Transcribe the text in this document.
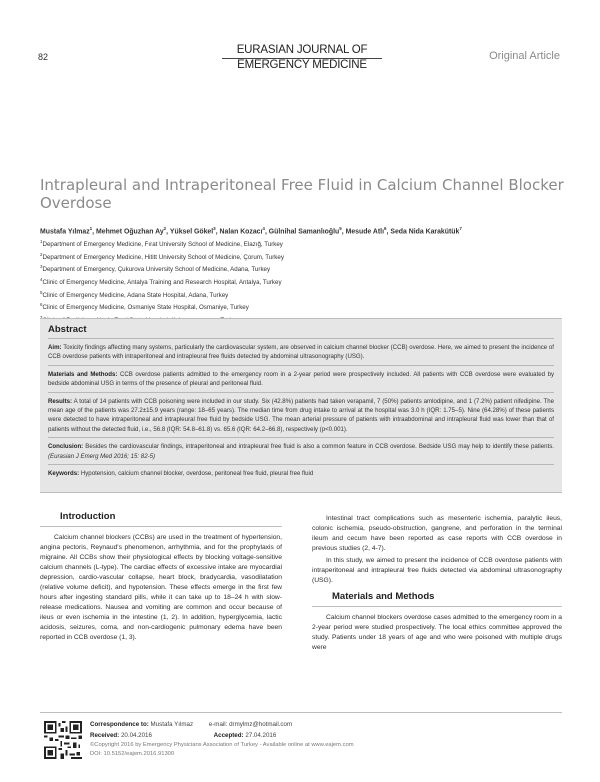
82
EURASIAN JOURNAL OF
EMERGENCY MEDICINE
Original Article
Intrapleural and Intraperitoneal Free Fluid in Calcium Channel Blocker Overdose
Mustafa Yılmaz$^1$, Mehmet Oğuzhan Ay$^2$, Yüksel Gökel$^3$, Nalan Kozacı$^4$, Gülnihal Samanlıoğlu$^5$, Mesude Atlı$^6$, Seda Nida Karakütük$^7$
$^1$Department of Emergency Medicine, Fırat University School of Medicine, Elazığ, Turkey
$^2$Department of Emergency Medicine, Hititt University School of Medicine, Çorum, Turkey
$^3$Department of Emergency, Çukurova University School of Medicine, Adana, Turkey
$^4$Clinic of Emergency Medicine, Antalya Training and Research Hospital, Antalya, Turkey
$^5$Clinic of Emergency Medicine, Adana State Hospital, Adana, Turkey
$^6$Clinic of Emergency Medicine, Osmaniye State Hospital, Osmaniye, Turkey
Abstract

Aim: Toxicity findings affecting many systems, particularly the cardiovascular system, are observed in calcium channel blocker (CCB) overdose. Here, we aimed to present the incidence of CCB overdose patients with intraperitoneal and intrapleural free fluids detected by abdominal ultrasonography (USG).

Materials and Methods: CCB overdose patients admitted to the emergency room in a 2-year period were prospectively included. All patients with CCB overdose were evaluated by bedside abdominal USG in terms of the presence of pleural and peritoneal fluid.

Results: A total of 14 patients with CCB poisoning were included in our study. Six (42.8%) patients had taken verapamil, 7 (50%) patients amlodipine, and 1 (7.2%) patient nifedipine. The mean age of the patients was 27.2±15.9 years (range: 18–65 years). The median time from drug intake to arrival at the hospital was 3.0 h (IQR: 1.75–5). Nine (64.28%) of these patients were detected to have intraperitoneal and intrapleural free fluid by bedside USG. The mean arterial pressure of patients with intraabdominal and intrapleural fluid was lower than that of patients without the detected fluid, i.e., 56.8 (IQR: 54.8–61.8) vs. 65.6 (IQR: 64.2–66.8), respectively (p<0.001).

Conclusion: Besides the cardiovascular findings, intraperitoneal and intrapleural free fluid is also a common feature in CCB overdose. Bedside USG may help to identify these patients. (Eurasian J Emerg Med 2016; 15: 82-5)

Keywords: Hypotension, calcium channel blocker, overdose, peritoneal free fluid, pleural free fluid

Introduction

Calcium channel blockers (CCBs) are used in the treatment of hypertension, angina pectoris, Reynaud's phenomenon, arrhythmia, and for the prophylaxis of migraine. All CCBs show their physiological effects by blocking voltage-sensitive calcium channels (L-type). The cardiac effects of excessive intake are myocardial depression, cardio-vascular collapse, heart block, bradycardia, vasodilatation (relative volume deficit), and hypotension. These effects emerge in the first few hours after ingesting standard pills, while it can take up to 18–24 h with slow-release medications. Nausea and vomiting are common and occur because of ileus or even ischemia in the intestine (1, 2). In addition, hyperglycemia, lactic acidosis, seizures, coma, and non-cardiogenic pulmonary edema have been reported in CCB overdose (1, 3).

Intestinal tract complications such as mesenteric ischemia, paralytic ileus, colonic ischemia, pseudo-obstruction, gangrene, and perforation in the terminal ileum and cecum have been reported as case reports with CCB overdose in previous studies (2, 4-7).

In this study, we aimed to present the incidence of CCB overdose patients with intraperitoneal and intrapleural free fluids detected via abdominal ultrasonography (USG).

Materials and Methods

Calcium channel blockers overdose cases admitted to the emergency room in a 2-year period were studied prospectively. The local ethics committee approved the study. Patients under 18 years of age and who were poisoned with multiple drugs were

Correspondence to: Mustafa Yılmaz	e-mail: drmylmz@hotmail.com
Received: 20.04.2016	Accepted: 27.04.2016
©Copyright 2016 by Emergency Physicians Association of Turkey - Available online at www.eajem.com
DOI: 10.5152/eajem.2016.91300
